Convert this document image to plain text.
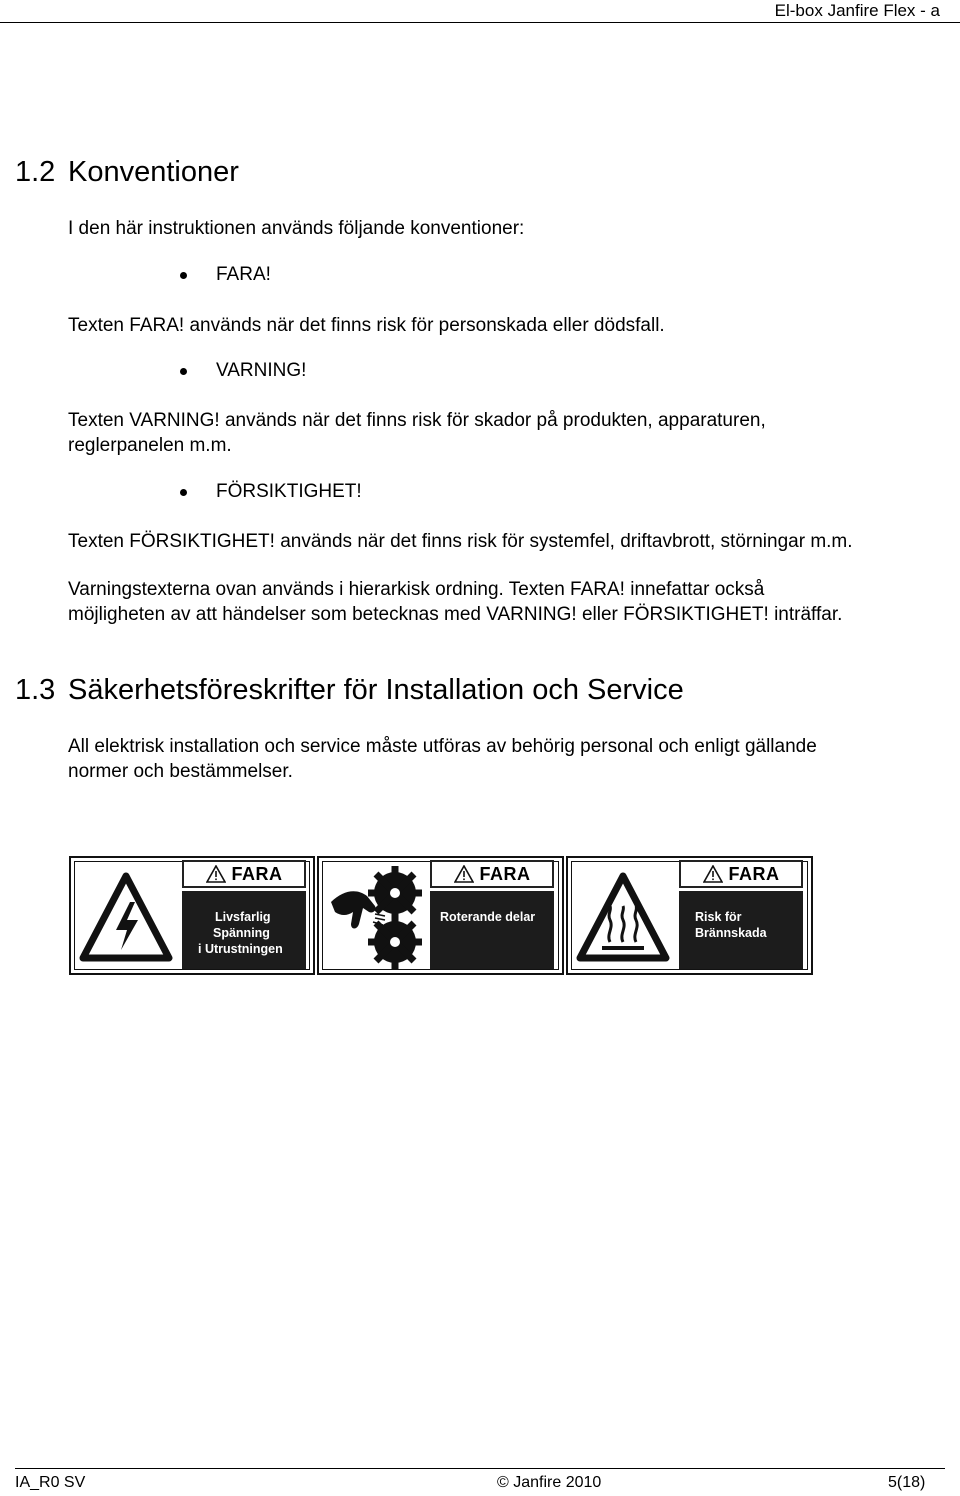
El-box Janfire Flex - a
1.2 Konventioner
I den här instruktionen används följande konventioner:
FARA!
Texten FARA! används när det finns risk för personskada eller dödsfall.
VARNING!
Texten VARNING! används när det finns risk för skador på produkten, apparaturen,
reglerpanelen m.m.
FÖRSIKTIGHET!
Texten FÖRSIKTIGHET! används när det finns risk för systemfel, driftavbrott, störningar m.m.
Varningstexterna ovan används i hierarkisk ordning. Texten FARA! innefattar också
möjligheten av att händelser som betecknas med VARNING! eller FÖRSIKTIGHET! inträffar.
1.3 Säkerhetsföreskrifter för Installation och Service
All elektrisk installation och service måste utföras av behörig personal och enligt gällande
normer och bestämmelser.
FARA
Livsfarlig
Spänning
i Utrustningen
FARA
Roterande delar
FARA
Risk för
Brännskada
IA_R0 SV	© Janfire 2010	5(18)
